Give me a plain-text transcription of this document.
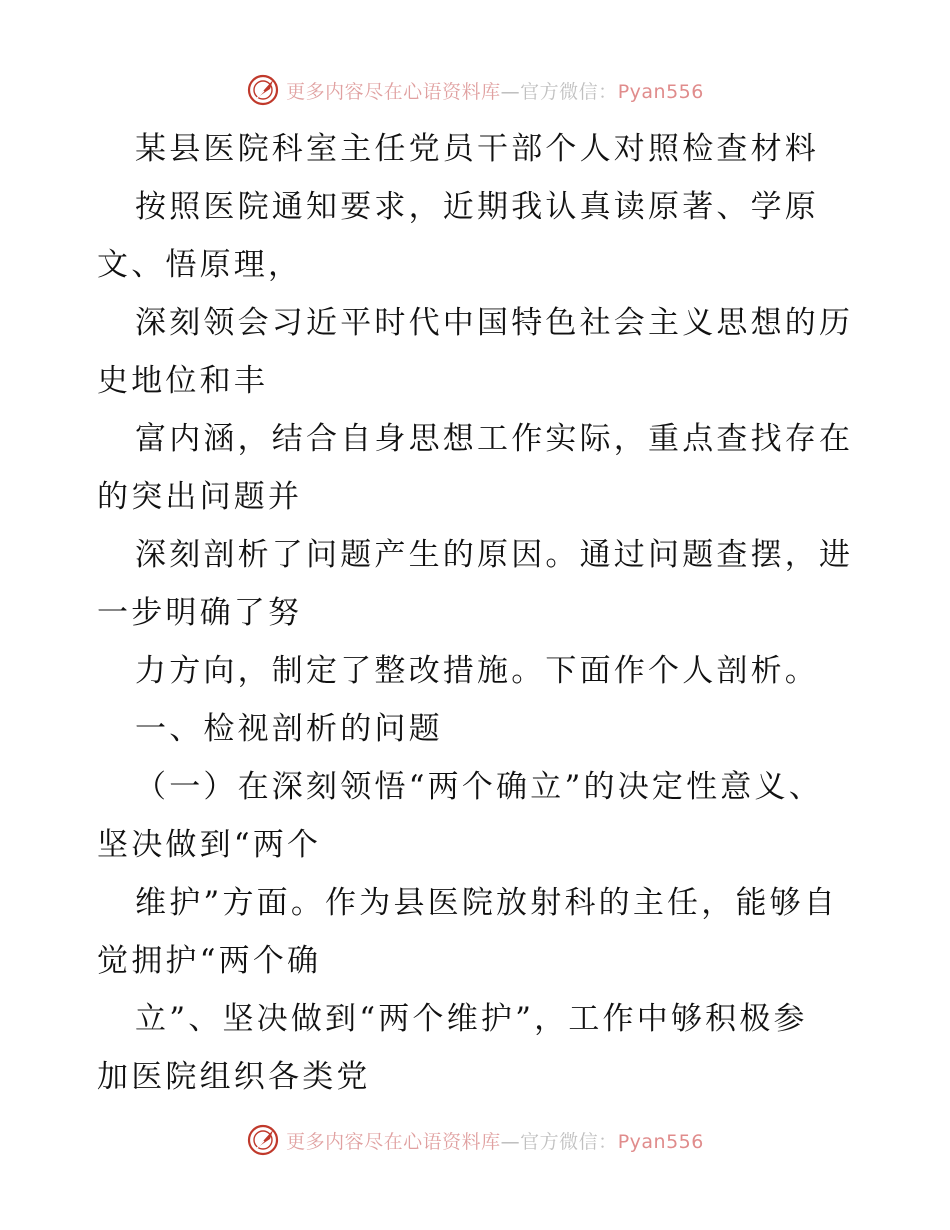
更多内容尽在心语资料库—官方微信：Pyan556
某县医院科室主任党员干部个人对照检查材料
按照医院通知要求，近期我认真读原著、学原
文、悟原理，
深刻领会习近平时代中国特色社会主义思想的历
史地位和丰
富内涵，结合自身思想工作实际，重点查找存在
的突出问题并
深刻剖析了问题产生的原因。通过问题查摆，进
一步明确了努
力方向，制定了整改措施。下面作个人剖析。
一、检视剖析的问题
（一）在深刻领悟“两个确立”的决定性意义、
坚决做到“两个
维护”方面。作为县医院放射科的主任，能够自
觉拥护“两个确
立”、坚决做到“两个维护”，工作中够积极参
加医院组织各类党
更多内容尽在心语资料库—官方微信：Pyan556
